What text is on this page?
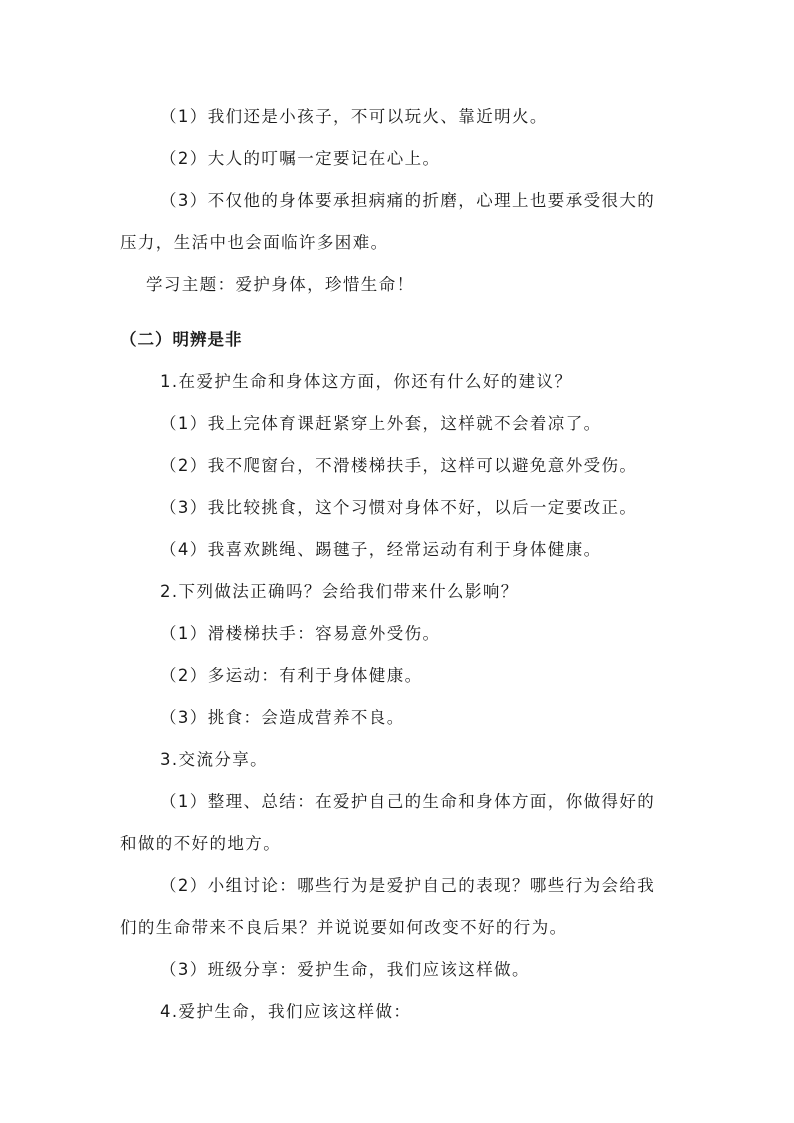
（1）我们还是小孩子，不可以玩火、靠近明火。
（2）大人的叮嘱一定要记在心上。
（3）不仅他的身体要承担病痛的折磨，心理上也要承受很大的
压力，生活中也会面临许多困难。
学习主题：爱护身体，珍惜生命！
（二）明辨是非
1.在爱护生命和身体这方面，你还有什么好的建议？
（1）我上完体育课赶紧穿上外套，这样就不会着凉了。
（2）我不爬窗台，不滑楼梯扶手，这样可以避免意外受伤。
（3）我比较挑食，这个习惯对身体不好，以后一定要改正。
（4）我喜欢跳绳、踢毽子，经常运动有利于身体健康。
2.下列做法正确吗？会给我们带来什么影响？
（1）滑楼梯扶手：容易意外受伤。
（2）多运动：有利于身体健康。
（3）挑食：会造成营养不良。
3.交流分享。
（1）整理、总结：在爱护自己的生命和身体方面，你做得好的
和做的不好的地方。
（2）小组讨论：哪些行为是爱护自己的表现？哪些行为会给我
们的生命带来不良后果？并说说要如何改变不好的行为。
（3）班级分享：爱护生命，我们应该这样做。
4.爱护生命，我们应该这样做：
